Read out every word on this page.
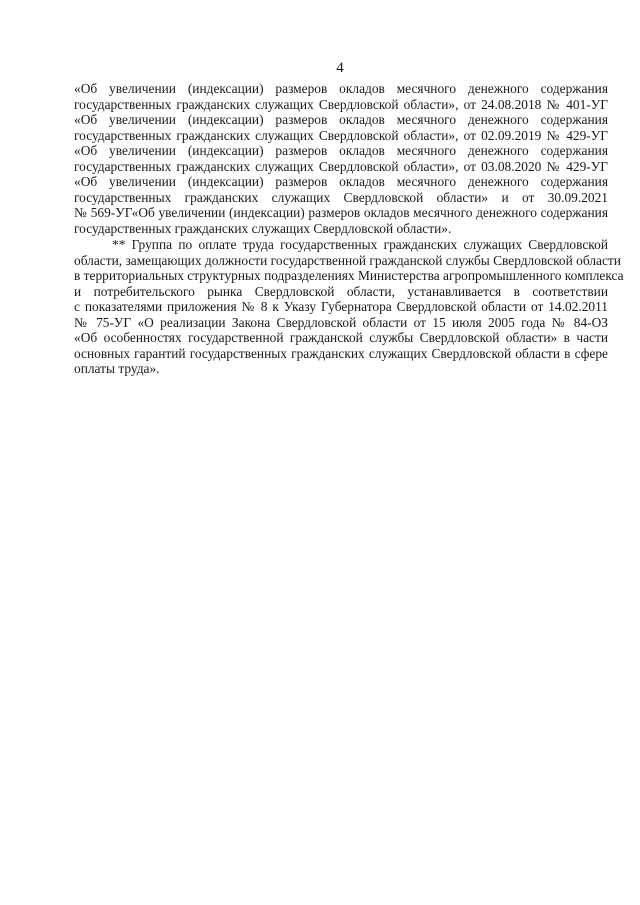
4
«Об увеличении (индексации) размеров окладов месячного денежного содержания
государственных гражданских служащих Свердловской области», от 24.08.2018 № 401-УГ
«Об увеличении (индексации) размеров окладов месячного денежного содержания
государственных гражданских служащих Свердловской области», от 02.09.2019 № 429-УГ
«Об увеличении (индексации) размеров окладов месячного денежного содержания
государственных гражданских служащих Свердловской области», от 03.08.2020 № 429-УГ
«Об увеличении (индексации) размеров окладов месячного денежного содержания
государственных гражданских служащих Свердловской области» и от 30.09.2021
№ 569-УГ«Об увеличении (индексации) размеров окладов месячного денежного содержания
государственных гражданских служащих Свердловской области».
** Группа по оплате труда государственных гражданских служащих Свердловской
области, замещающих должности государственной гражданской службы Свердловской области
в территориальных структурных подразделениях Министерства агропромышленного комплекса
и потребительского рынка Свердловской области, устанавливается в соответствии
с показателями приложения № 8 к Указу Губернатора Свердловской области от 14.02.2011
№ 75-УГ «О реализации Закона Свердловской области от 15 июля 2005 года № 84-ОЗ
«Об особенностях государственной гражданской службы Свердловской области» в части
основных гарантий государственных гражданских служащих Свердловской области в сфере
оплаты труда».
